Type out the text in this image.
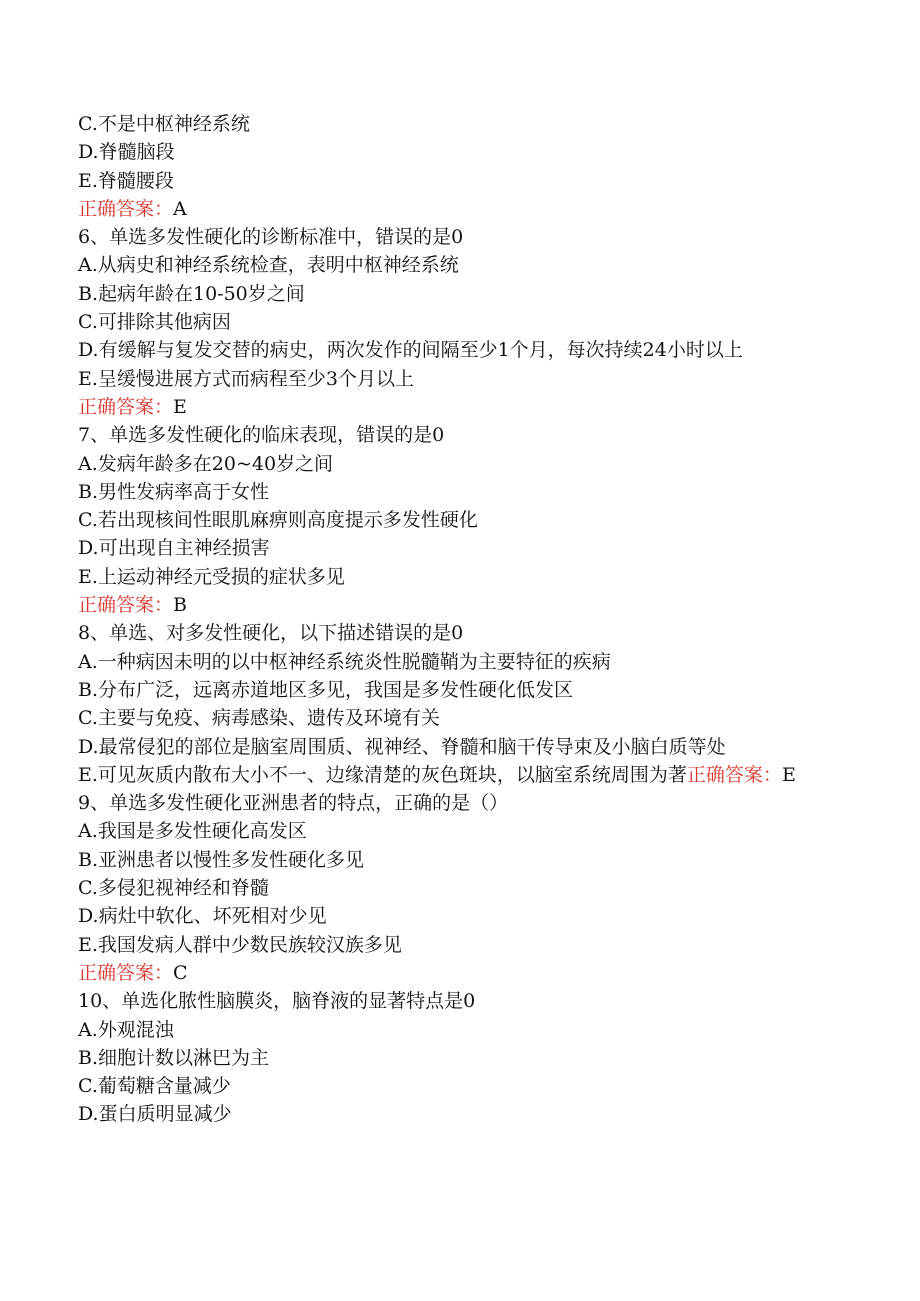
C.不是中枢神经系统
D.脊髓脑段
E.脊髓腰段
正确答案：A
6、单选多发性硬化的诊断标准中，错误的是0
A.从病史和神经系统检查，表明中枢神经系统
B.起病年龄在10-50岁之间
C.可排除其他病因
D.有缓解与复发交替的病史，两次发作的间隔至少1个月，每次持续24小时以上
E.呈缓慢进展方式而病程至少3个月以上
正确答案：E
7、单选多发性硬化的临床表现，错误的是0
A.发病年龄多在20~40岁之间
B.男性发病率高于女性
C.若出现核间性眼肌麻痹则高度提示多发性硬化
D.可出现自主神经损害
E.上运动神经元受损的症状多见
正确答案：B
8、单选、对多发性硬化，以下描述错误的是0
A.一种病因未明的以中枢神经系统炎性脱髓鞘为主要特征的疾病
B.分布广泛，远离赤道地区多见，我国是多发性硬化低发区
C.主要与免疫、病毒感染、遗传及环境有关
D.最常侵犯的部位是脑室周围质、视神经、脊髓和脑干传导束及小脑白质等处
E.可见灰质内散布大小不一、边缘清楚的灰色斑块，以脑室系统周围为著正确答案：E
9、单选多发性硬化亚洲患者的特点，正确的是（）
A.我国是多发性硬化高发区
B.亚洲患者以慢性多发性硬化多见
C.多侵犯视神经和脊髓
D.病灶中软化、坏死相对少见
E.我国发病人群中少数民族较汉族多见
正确答案：C
10、单选化脓性脑膜炎，脑脊液的显著特点是0
A.外观混浊
B.细胞计数以淋巴为主
C.葡萄糖含量减少
D.蛋白质明显减少
